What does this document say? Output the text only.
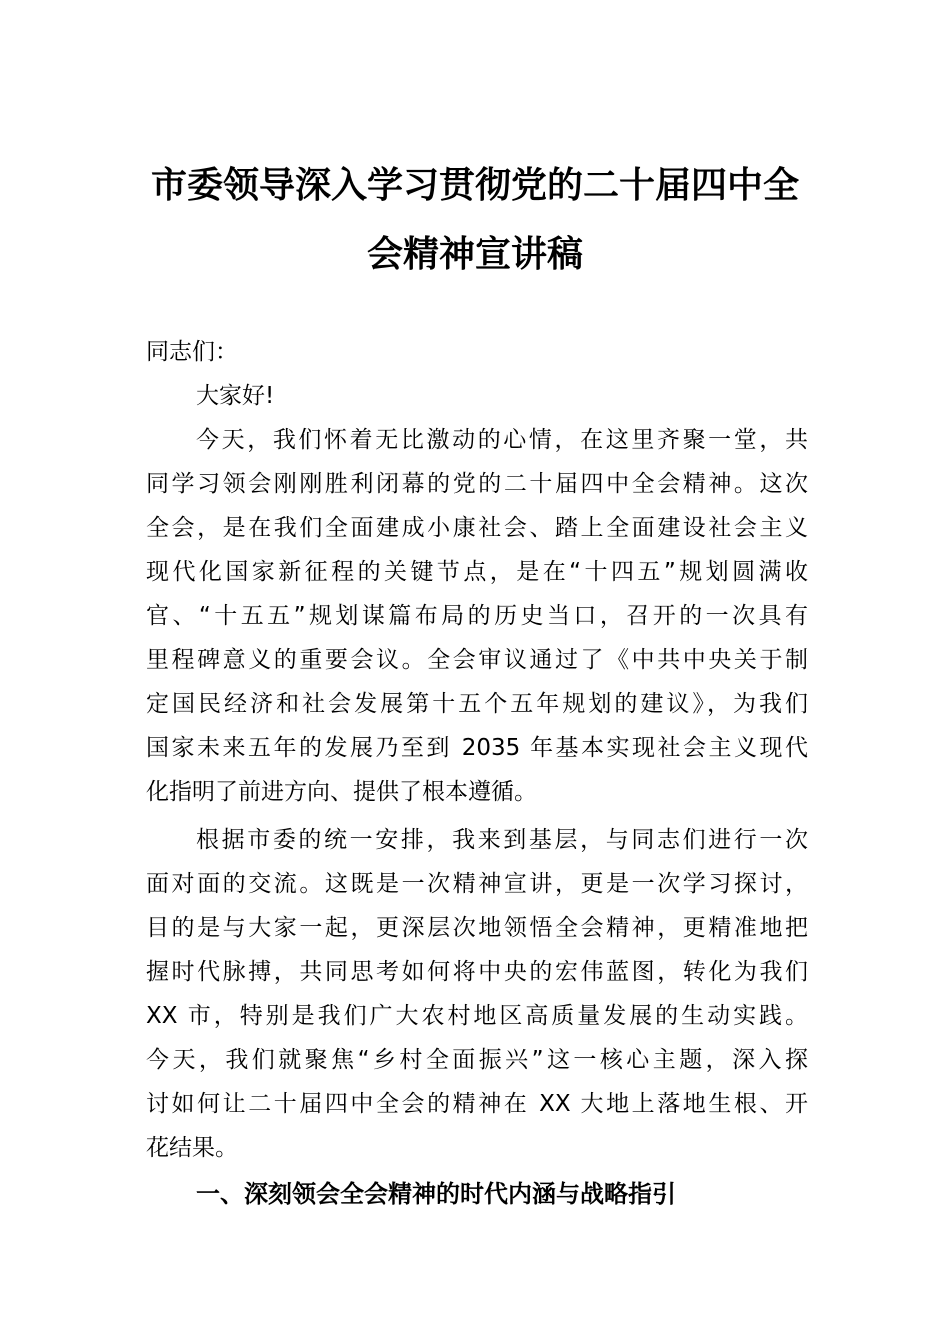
市委领导深入学习贯彻党的二十届四中全
会精神宣讲稿
同志们：
大家好!
今天，我们怀着无比激动的心情，在这里齐聚一堂，共
同学习领会刚刚胜利闭幕的党的二十届四中全会精神。这次
全会，是在我们全面建成小康社会、踏上全面建设社会主义
现代化国家新征程的关键节点，是在“十四五”规划圆满收
官、“十五五”规划谋篇布局的历史当口，召开的一次具有
里程碑意义的重要会议。全会审议通过了《中共中央关于制
定国民经济和社会发展第十五个五年规划的建议》，为我们
国家未来五年的发展乃至到 2035 年基本实现社会主义现代
化指明了前进方向、提供了根本遵循。
根据市委的统一安排，我来到基层，与同志们进行一次
面对面的交流。这既是一次精神宣讲，更是一次学习探讨，
目的是与大家一起，更深层次地领悟全会精神，更精准地把
握时代脉搏，共同思考如何将中央的宏伟蓝图，转化为我们
XX 市，特别是我们广大农村地区高质量发展的生动实践。
今天，我们就聚焦“乡村全面振兴”这一核心主题，深入探
讨如何让二十届四中全会的精神在 XX 大地上落地生根、开
花结果。
一、深刻领会全会精神的时代内涵与战略指引
